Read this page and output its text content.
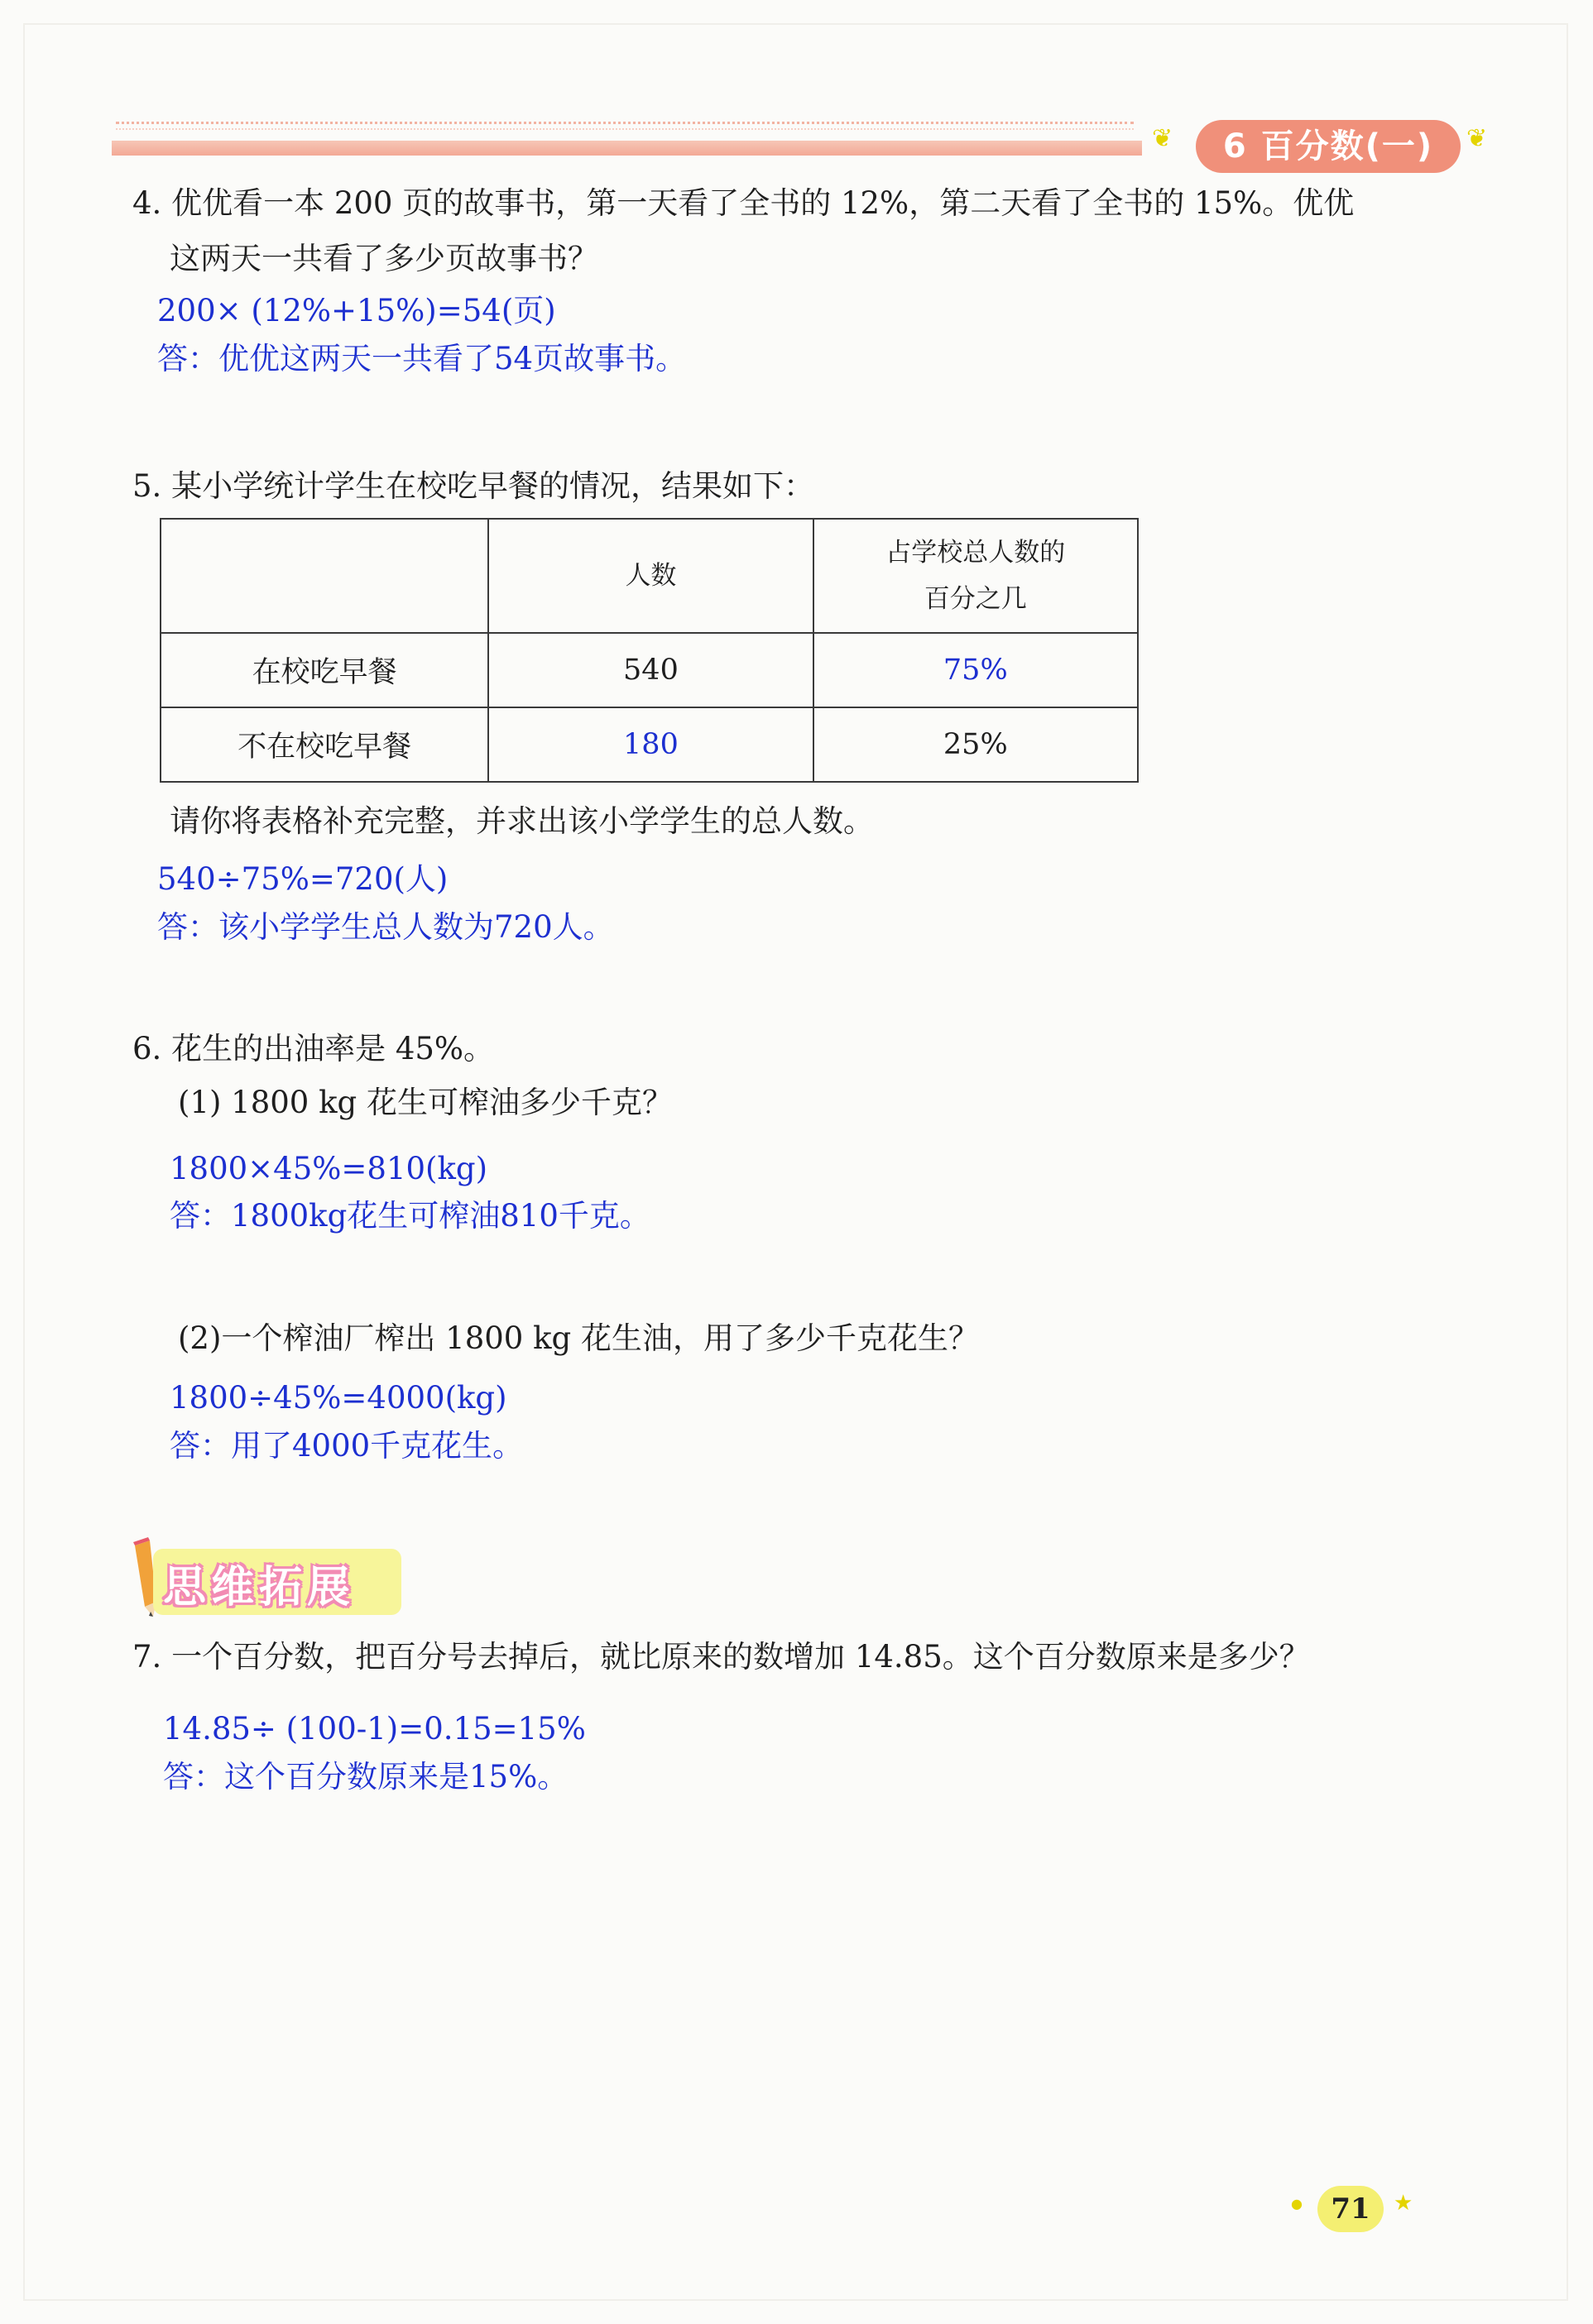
❦	6 百分数(一)	❦
4. 优优看一本 200 页的故事书，第一天看了全书的 12%，第二天看了全书的 15%。优优
这两天一共看了多少页故事书？
200× (12%+15%)=54(页)
答：优优这两天一共看了54页故事书。
5. 某小学统计学生在校吃早餐的情况，结果如下：
	人数	占学校总人数的
百分之几

在校吃早餐	540	75%
不在校吃早餐	180	25%
请你将表格补充完整，并求出该小学学生的总人数。
540÷75%=720(人)
答：该小学学生总人数为720人。
6. 花生的出油率是 45%。
(1) 1800 kg 花生可榨油多少千克？
1800×45%=810(kg)
答：1800kg花生可榨油810千克。
(2)一个榨油厂榨出 1800 kg 花生油，用了多少千克花生？
1800÷45%=4000(kg)
答：用了4000千克花生。
思维拓展
7. 一个百分数，把百分号去掉后，就比原来的数增加 14.85。这个百分数原来是多少？
14.85÷ (100-1)=0.15=15%
答：这个百分数原来是15%。
●	71	★
